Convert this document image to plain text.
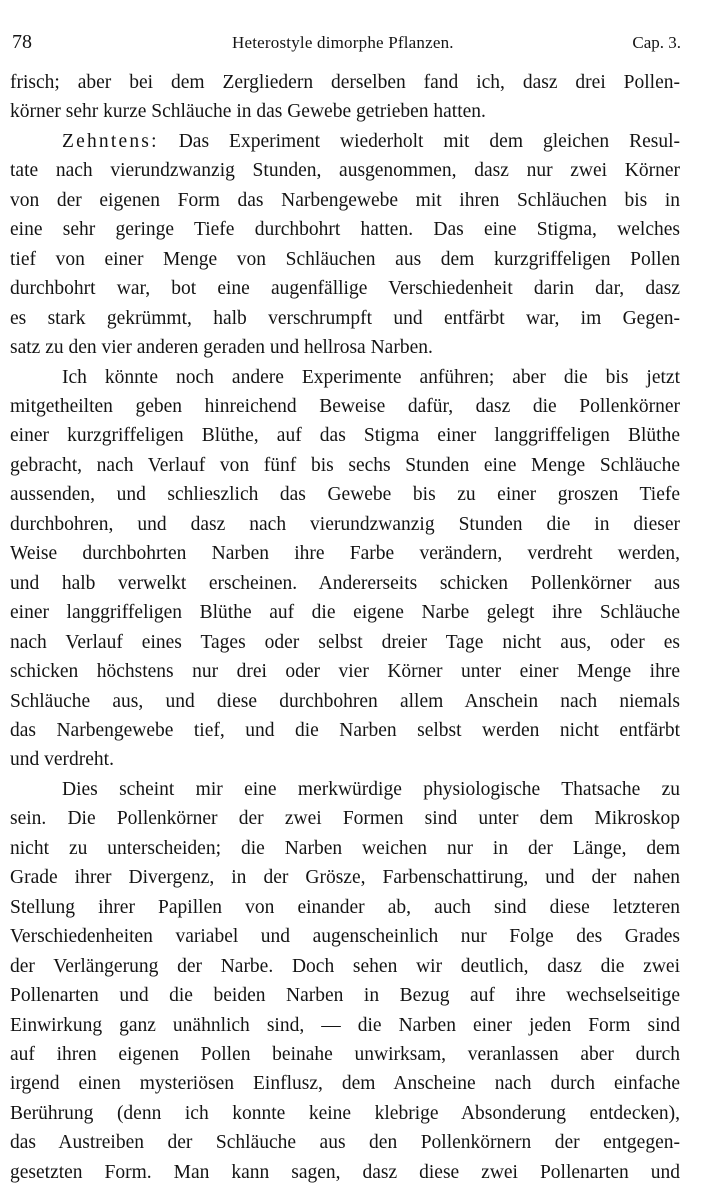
78	Heterostyle dimorphe Pflanzen.	Cap. 3.
frisch; aber bei dem Zergliedern derselben fand ich, dasz drei Pollen-
körner sehr kurze Schläuche in das Gewebe getrieben hatten.
Zehntens: Das Experiment wiederholt mit dem gleichen Resul-
tate nach vierundzwanzig Stunden, ausgenommen, dasz nur zwei Körner
von der eigenen Form das Narbengewebe mit ihren Schläuchen bis in
eine sehr geringe Tiefe durchbohrt hatten. Das eine Stigma, welches
tief von einer Menge von Schläuchen aus dem kurzgriffeligen Pollen
durchbohrt war, bot eine augenfällige Verschiedenheit darin dar, dasz
es stark gekrümmt, halb verschrumpft und entfärbt war, im Gegen-
satz zu den vier anderen geraden und hellrosa Narben.
Ich könnte noch andere Experimente anführen; aber die bis jetzt
mitgetheilten geben hinreichend Beweise dafür, dasz die Pollenkörner
einer kurzgriffeligen Blüthe, auf das Stigma einer langgriffeligen Blüthe
gebracht, nach Verlauf von fünf bis sechs Stunden eine Menge Schläuche
aussenden, und schlieszlich das Gewebe bis zu einer groszen Tiefe
durchbohren, und dasz nach vierundzwanzig Stunden die in dieser
Weise durchbohrten Narben ihre Farbe verändern, verdreht werden,
und halb verwelkt erscheinen. Andererseits schicken Pollenkörner aus
einer langgriffeligen Blüthe auf die eigene Narbe gelegt ihre Schläuche
nach Verlauf eines Tages oder selbst dreier Tage nicht aus, oder es
schicken höchstens nur drei oder vier Körner unter einer Menge ihre
Schläuche aus, und diese durchbohren allem Anschein nach niemals
das Narbengewebe tief, und die Narben selbst werden nicht entfärbt
und verdreht.
Dies scheint mir eine merkwürdige physiologische Thatsache zu
sein. Die Pollenkörner der zwei Formen sind unter dem Mikroskop
nicht zu unterscheiden; die Narben weichen nur in der Länge, dem
Grade ihrer Divergenz, in der Grösze, Farbenschattirung, und der nahen
Stellung ihrer Papillen von einander ab, auch sind diese letzteren
Verschiedenheiten variabel und augenscheinlich nur Folge des Grades
der Verlängerung der Narbe. Doch sehen wir deutlich, dasz die zwei
Pollenarten und die beiden Narben in Bezug auf ihre wechselseitige
Einwirkung ganz unähnlich sind, — die Narben einer jeden Form sind
auf ihren eigenen Pollen beinahe unwirksam, veranlassen aber durch
irgend einen mysteriösen Einflusz, dem Anscheine nach durch einfache
Berührung (denn ich konnte keine klebrige Absonderung entdecken),
das Austreiben der Schläuche aus den Pollenkörnern der entgegen-
gesetzten Form. Man kann sagen, dasz diese zwei Pollenarten und
